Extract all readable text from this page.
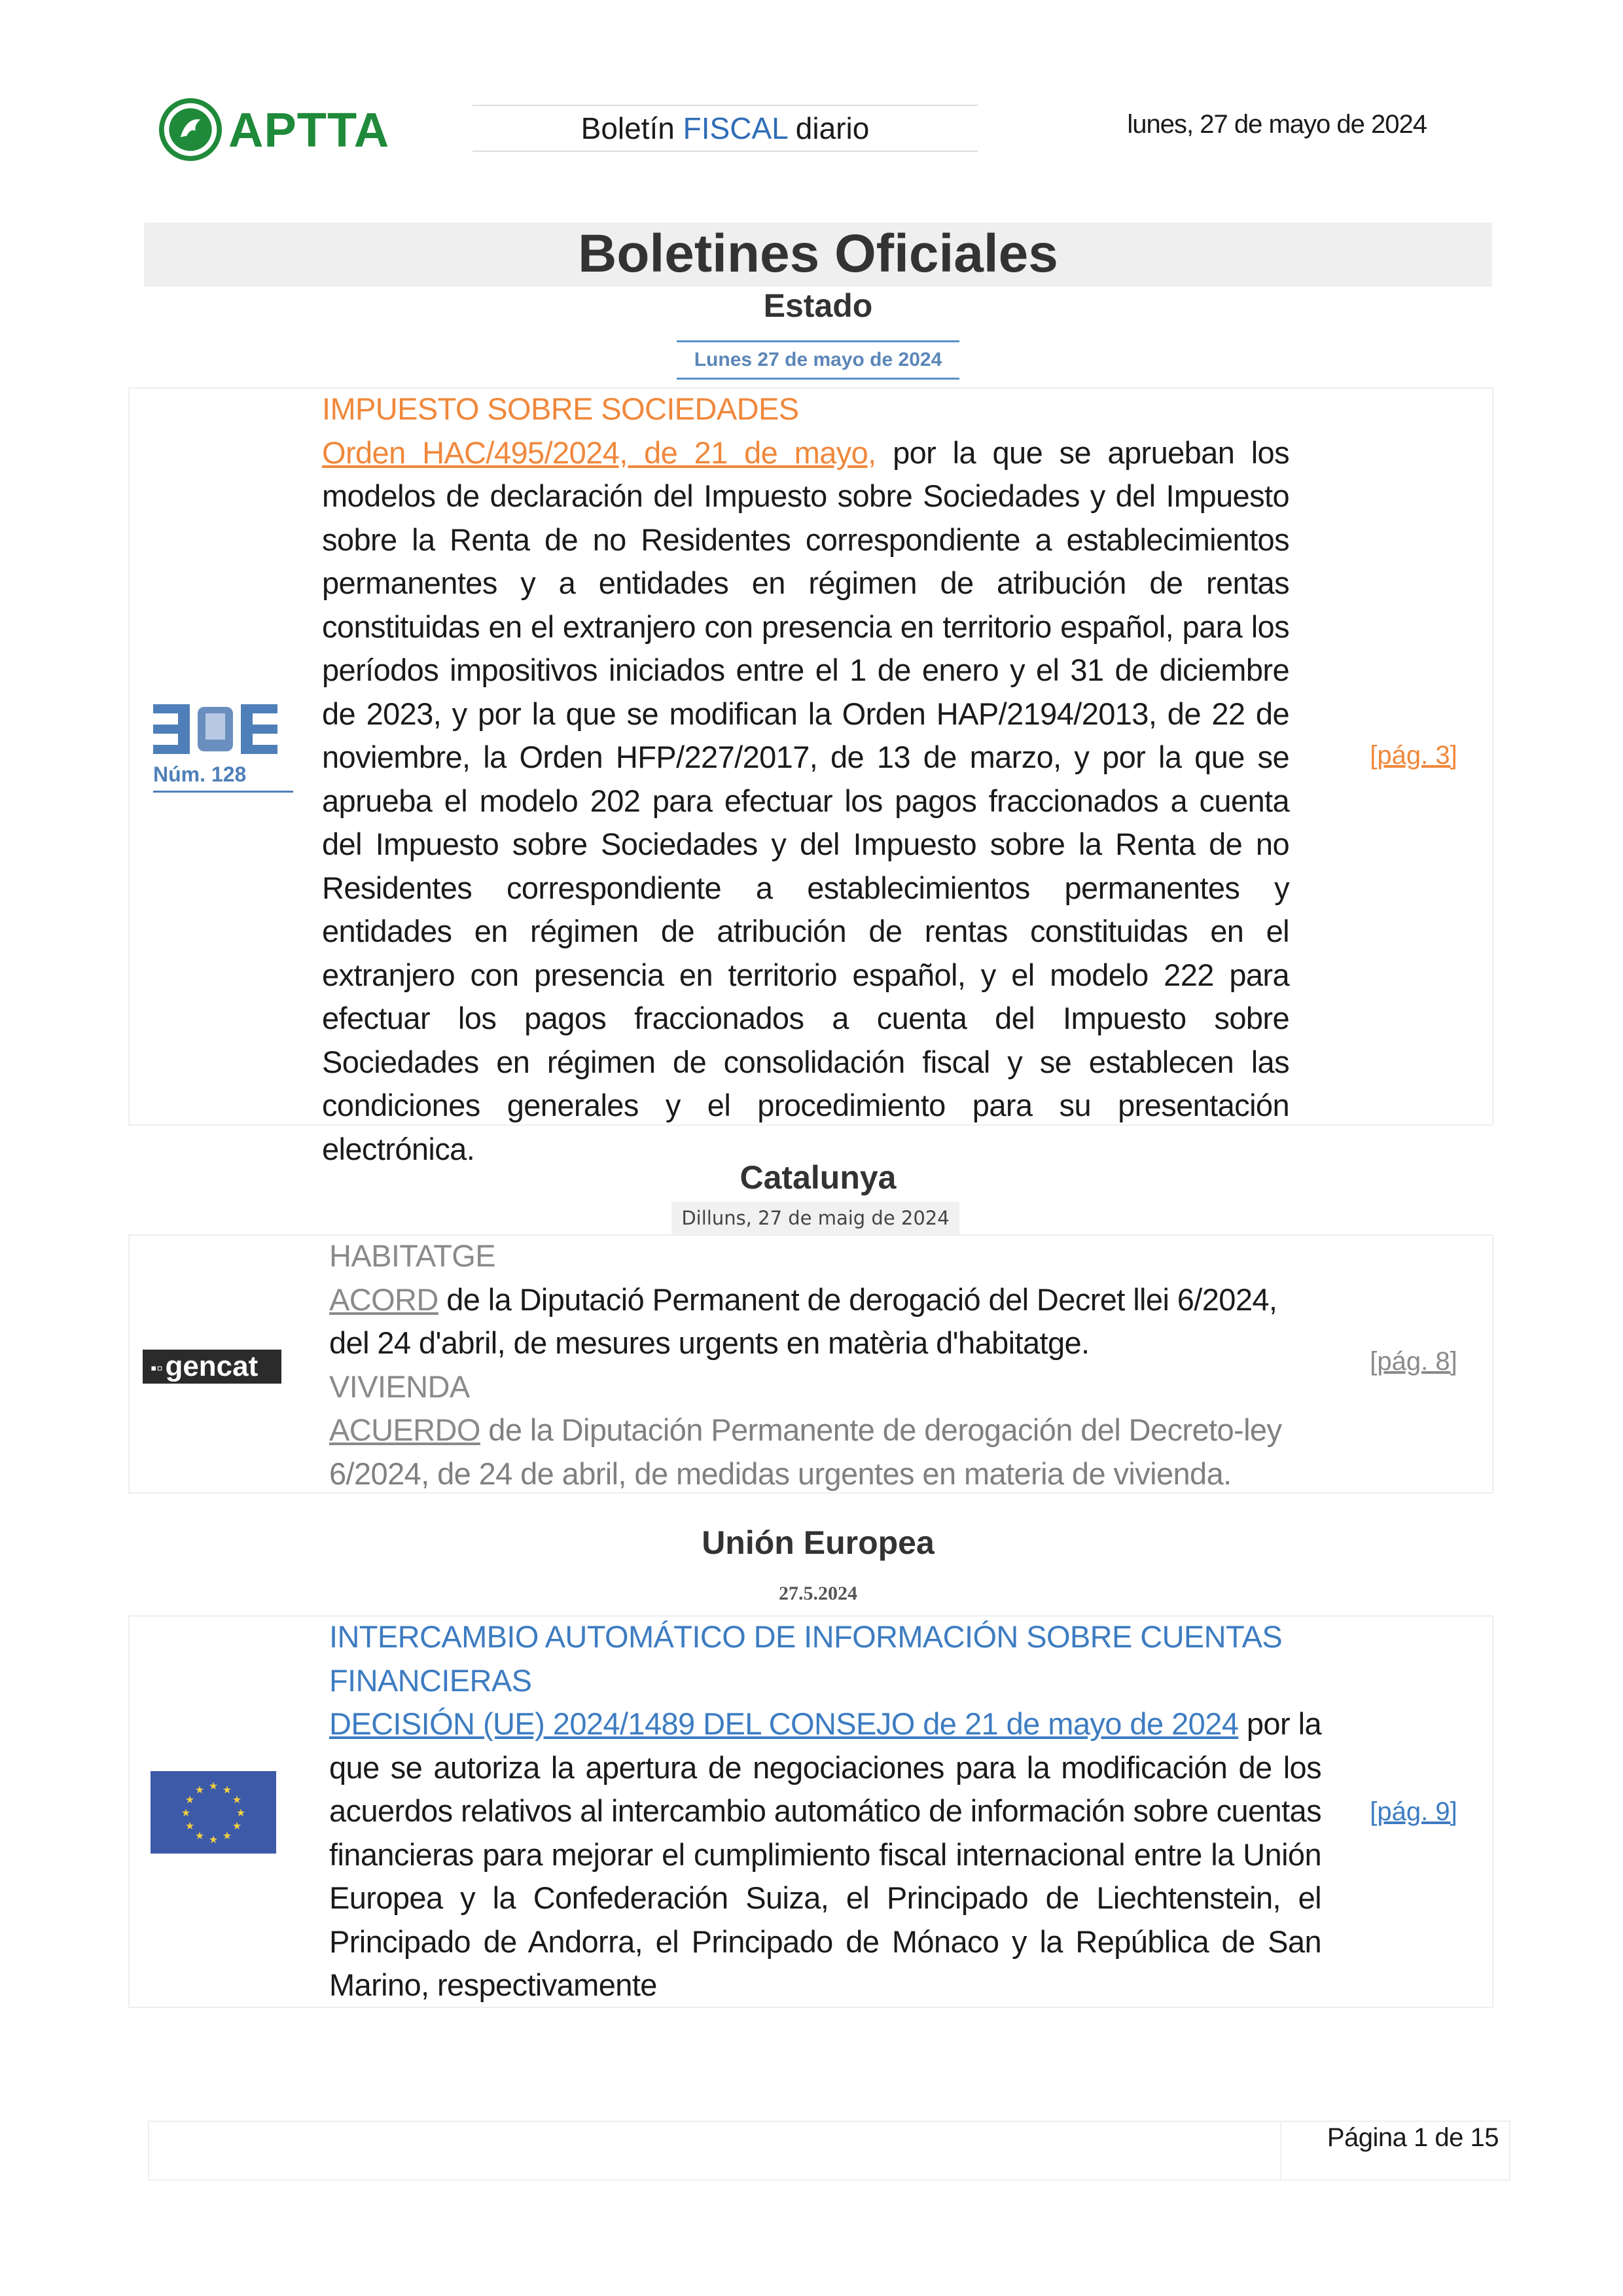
APTTA	Boletín FISCAL diario	lunes, 27 de mayo de 2024
Boletines Oficiales
Estado
Lunes 27 de mayo de 2024
Núm. 128
IMPUESTO SOBRE SOCIEDADES
Orden HAC/495/2024, de 21 de mayo, por la que se aprueban los modelos de declaración del Impuesto sobre Sociedades y del Impuesto sobre la Renta de no Residentes correspondiente a establecimientos permanentes y a entidades en régimen de atribución de rentas constituidas en el extranjero con presencia en territorio español, para los períodos impositivos iniciados entre el 1 de enero y el 31 de diciembre de 2023, y por la que se modifican la Orden HAP/2194/2013, de 22 de noviembre, la Orden HFP/227/2017, de 13 de marzo, y por la que se aprueba el modelo 202 para efectuar los pagos fraccionados a cuenta del Impuesto sobre Sociedades y del Impuesto sobre la Renta de no Residentes correspondiente a establecimientos permanentes y entidades en régimen de atribución de rentas constituidas en el extranjero con presencia en territorio español, y el modelo 222 para efectuar los pagos fraccionados a cuenta del Impuesto sobre Sociedades en régimen de consolidación fiscal y se establecen las condiciones generales y el procedimiento para su presentación electrónica.
[pág. 3]
Catalunya
Dilluns, 27 de maig de 2024
▪▫gencat
HABITATGE
ACORD de la Diputació Permanent de derogació del Decret llei 6/2024, del 24 d'abril, de mesures urgents en matèria d'habitatge.
VIVIENDA
ACUERDO de la Diputación Permanente de derogación del Decreto-ley 6/2024, de 24 de abril, de medidas urgentes en materia de vivienda.
[pág. 8]
Unión Europea
27.5.2024
★ ★
★
★
★
★
★
★
★
★
★
★
INTERCAMBIO AUTOMÁTICO DE INFORMACIÓN SOBRE CUENTAS FINANCIERAS
DECISIÓN (UE) 2024/1489 DEL CONSEJO de 21 de mayo de 2024 por la que se autoriza la apertura de negociaciones para la modificación de los acuerdos relativos al intercambio automático de información sobre cuentas financieras para mejorar el cumplimiento fiscal internacional entre la Unión Europea y la Confederación Suiza, el Principado de Liechtenstein, el Principado de Andorra, el Principado de Mónaco y la República de San Marino, respectivamente
[pág. 9]
Página 1 de 15
